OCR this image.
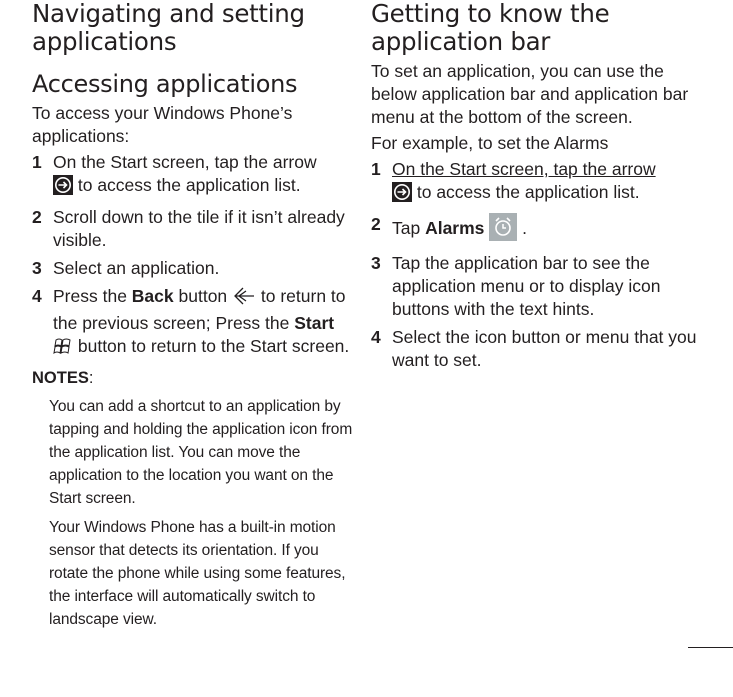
Navigating and setting applications
Accessing applications

To access your Windows Phone’s applications:

1 On the Start screen, tap the arrow
to access the application list.
2 Scroll down to the tile if it isn’t already visible.
3 Select an application.
4 Press the Back button  to return to the previous screen; Press the Start  button to return to the Start screen.
NOTES:

You can add a shortcut to an application by tapping and holding the application icon from the application list. You can move the application to the location you want on the Start screen.

Your Windows Phone has a built-in motion sensor that detects its orientation. If you rotate the phone while using some features, the interface will automatically switch to landscape view.

Getting to know the application bar

To set an application, you can use the below application bar and application bar menu at the bottom of the screen.

For example, to set the Alarms

1 On the Start screen, tap the arrow
to access the application list.
2 Tap Alarms  .
3 Tap the application bar to see the application menu or to display icon buttons with the text hints.
4 Select the icon button or menu that you want to set.
